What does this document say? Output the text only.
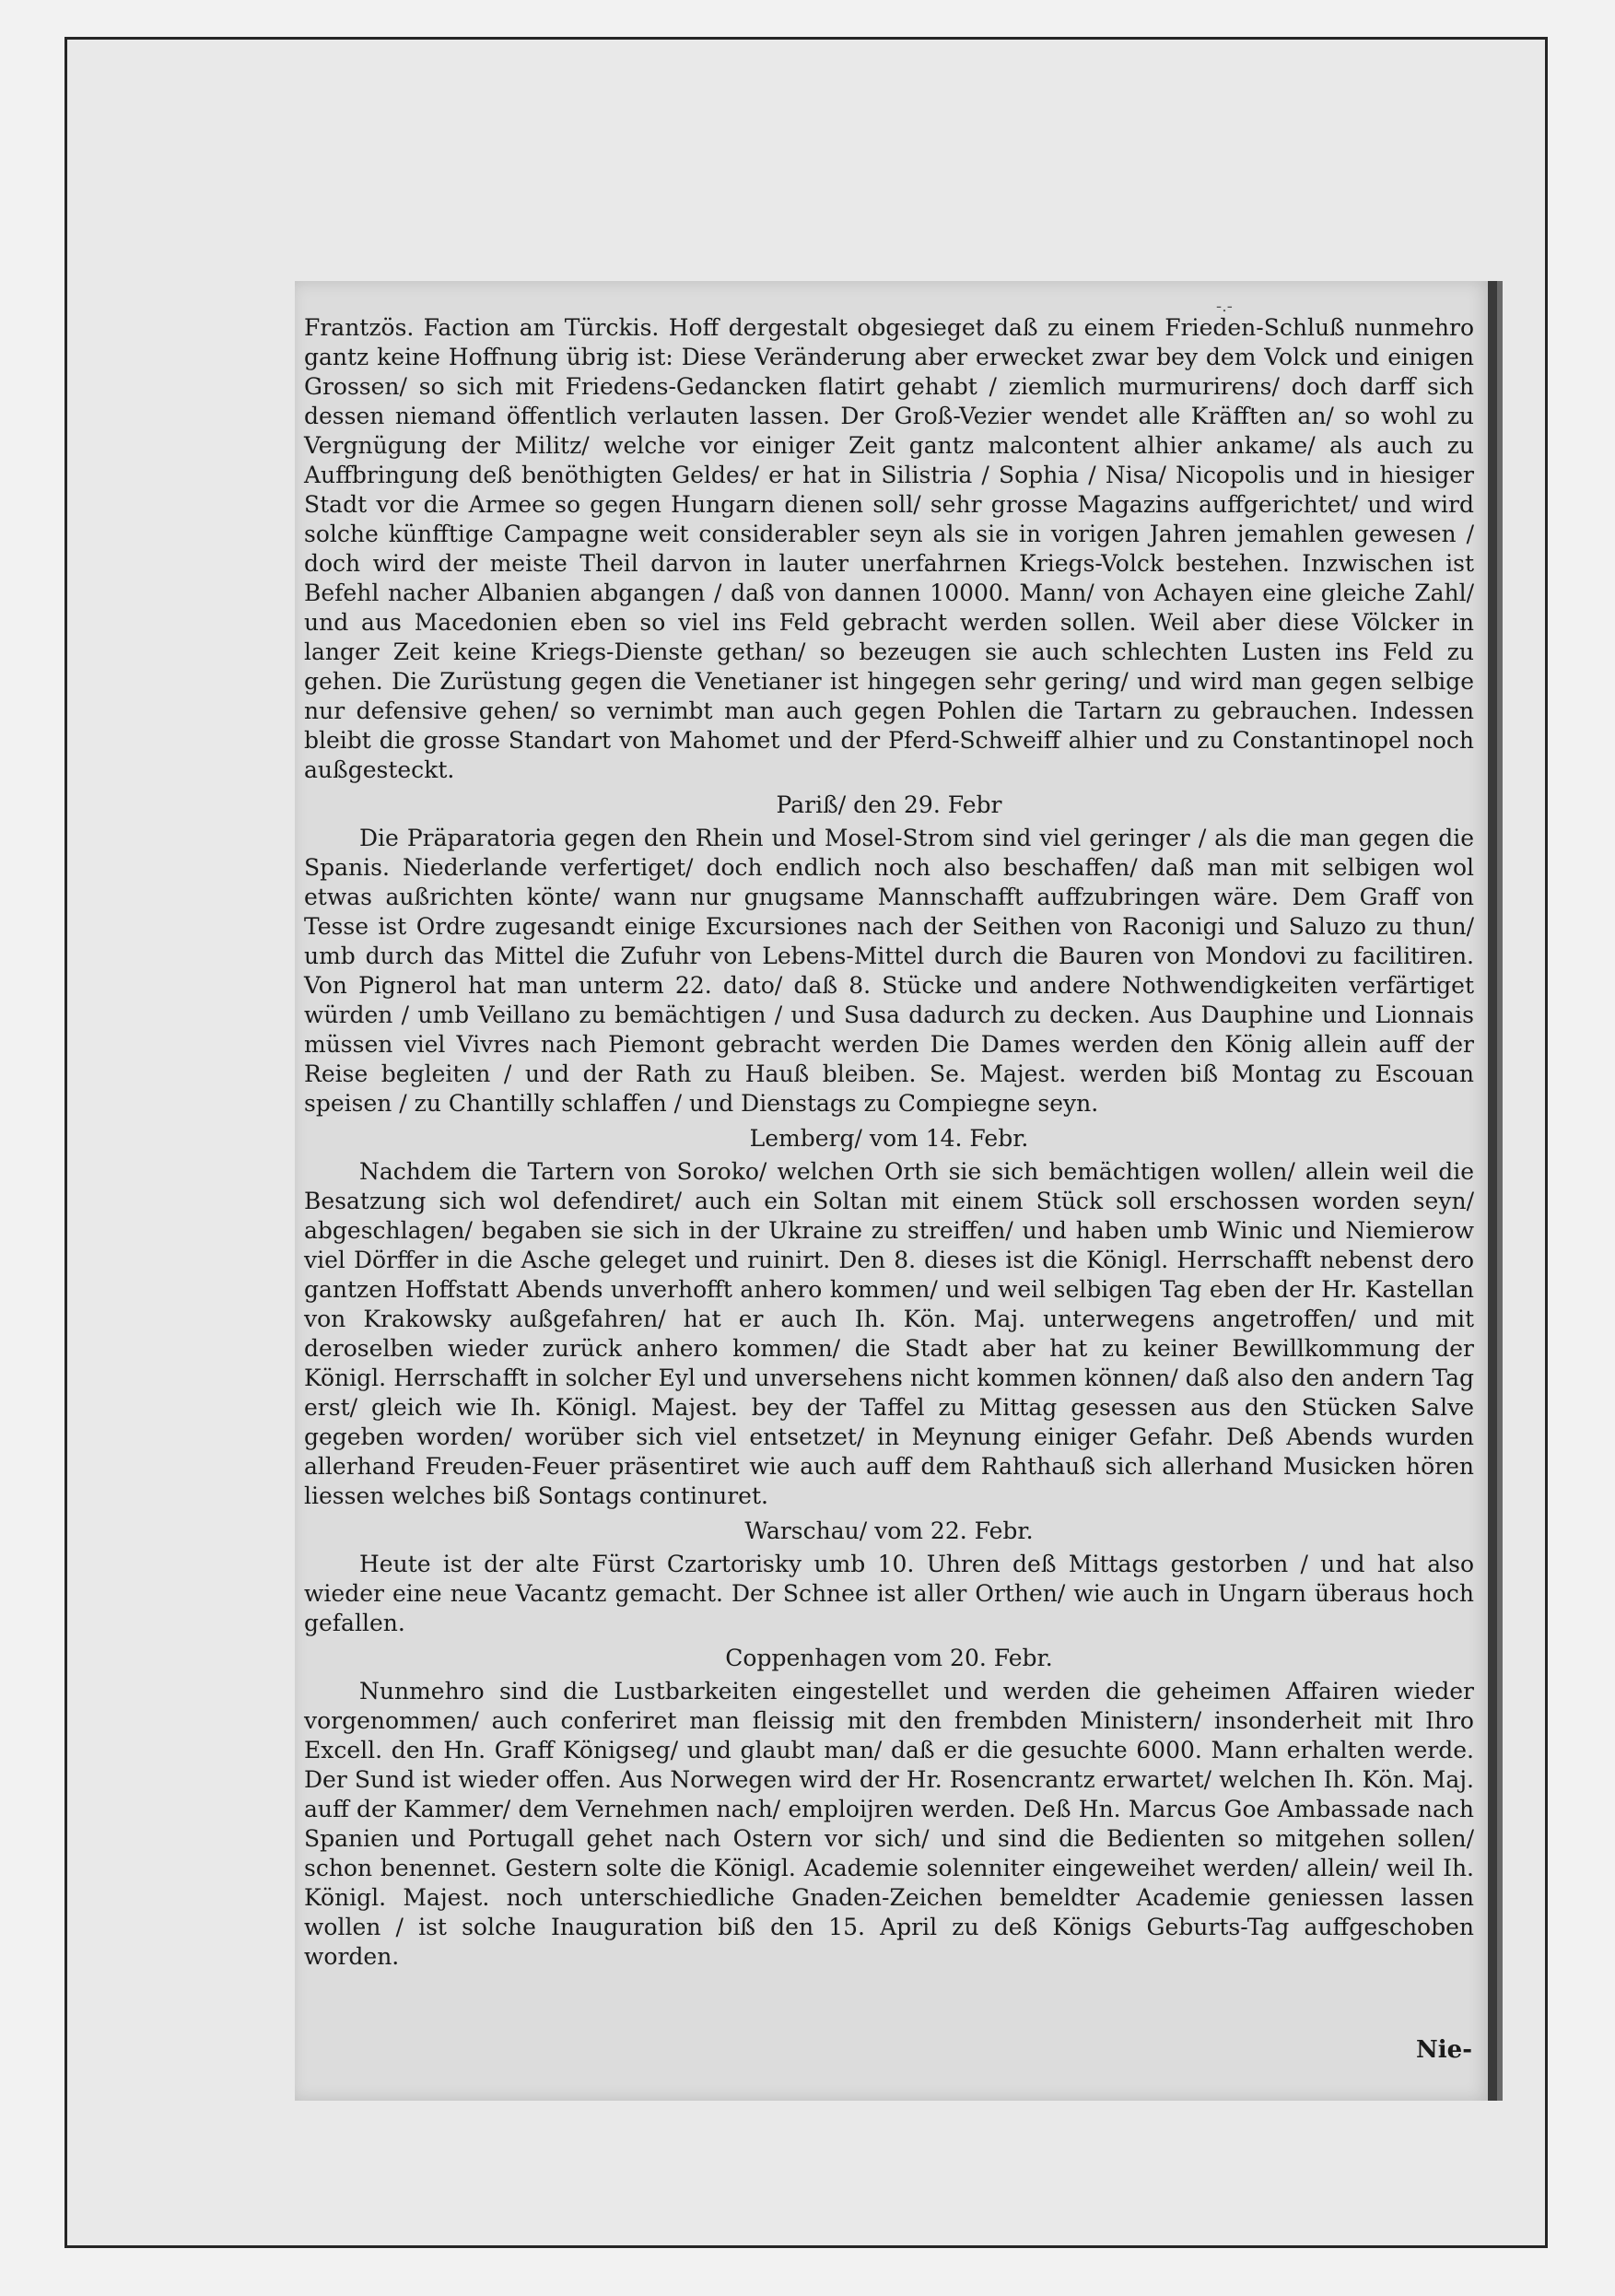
-.-

Frantzös. Faction am Türckis. Hoff dergestalt obgesieget daß zu einem Frieden-Schluß nunmehro gantz keine Hoffnung übrig ist: Diese Veränderung aber erwecket zwar bey dem Volck und einigen Grossen/ so sich mit Friedens-Gedancken flatirt gehabt / ziemlich murmurirens/ doch darff sich dessen niemand öffentlich verlauten lassen. Der Groß-Vezier wendet alle Kräfften an/ so wohl zu Vergnügung der Militz/ welche vor einiger Zeit gantz malcontent alhier ankame/ als auch zu Auffbringung deß benöthigten Geldes/ er hat in Silistria / Sophia / Nisa/ Nicopolis und in hiesiger Stadt vor die Armee so gegen Hungarn dienen soll/ sehr grosse Magazins auffgerichtet/ und wird solche künfftige Campagne weit considerabler seyn als sie in vorigen Jahren jemahlen gewesen / doch wird der meiste Theil darvon in lauter unerfahrnen Kriegs-Volck bestehen. Inzwischen ist Befehl nacher Albanien abgangen / daß von dannen 10000. Mann/ von Achayen eine gleiche Zahl/ und aus Macedonien eben so viel ins Feld gebracht werden sollen. Weil aber diese Völcker in langer Zeit keine Kriegs-Dienste gethan/ so bezeugen sie auch schlechten Lusten ins Feld zu gehen. Die Zurüstung gegen die Venetianer ist hingegen sehr gering/ und wird man gegen selbige nur defensive gehen/ so vernimbt man auch gegen Pohlen die Tartarn zu gebrauchen. Indessen bleibt die grosse Standart von Mahomet und der Pferd-Schweiff alhier und zu Constantinopel noch außgesteckt.

Pariß/ den 29. Febr

Die Präparatoria gegen den Rhein und Mosel-Strom sind viel geringer / als die man gegen die Spanis. Niederlande verfertiget/ doch endlich noch also beschaffen/ daß man mit selbigen wol etwas außrichten könte/ wann nur gnugsame Mannschafft auffzubringen wäre. Dem Graff von Tesse ist Ordre zugesandt einige Excursiones nach der Seithen von Raconigi und Saluzo zu thun/ umb durch das Mittel die Zufuhr von Lebens-Mittel durch die Bauren von Mondovi zu facilitiren. Von Pignerol hat man unterm 22. dato/ daß 8. Stücke und andere Nothwendigkeiten verfärtiget würden / umb Veillano zu bemächtigen / und Susa dadurch zu decken. Aus Dauphine und Lionnais müssen viel Vivres nach Piemont gebracht werden Die Dames werden den König allein auff der Reise begleiten / und der Rath zu Hauß bleiben. Se. Majest. werden biß Montag zu Escouan speisen / zu Chantilly schlaffen / und Dienstags zu Compiegne seyn.

Lemberg/ vom 14. Febr.

Nachdem die Tartern von Soroko/ welchen Orth sie sich bemächtigen wollen/ allein weil die Besatzung sich wol defendiret/ auch ein Soltan mit einem Stück soll erschossen worden seyn/ abgeschlagen/ begaben sie sich in der Ukraine zu streiffen/ und haben umb Winic und Niemierow viel Dörffer in die Asche geleget und ruinirt. Den 8. dieses ist die Königl. Herrschafft nebenst dero gantzen Hoffstatt Abends unverhofft anhero kommen/ und weil selbigen Tag eben der Hr. Kastellan von Krakowsky außgefahren/ hat er auch Ih. Kön. Maj. unterwegens angetroffen/ und mit deroselben wieder zurück anhero kommen/ die Stadt aber hat zu keiner Bewillkommung der Königl. Herrschafft in solcher Eyl und unversehens nicht kommen können/ daß also den andern Tag erst/ gleich wie Ih. Königl. Majest. bey der Taffel zu Mittag gesessen aus den Stücken Salve gegeben worden/ worüber sich viel entsetzet/ in Meynung einiger Gefahr. Deß Abends wurden allerhand Freuden-Feuer präsentiret wie auch auff dem Rahthauß sich allerhand Musicken hören liessen welches biß Sontags continuret.

Warschau/ vom 22. Febr.

Heute ist der alte Fürst Czartorisky umb 10. Uhren deß Mittags gestorben / und hat also wieder eine neue Vacantz gemacht. Der Schnee ist aller Orthen/ wie auch in Ungarn überaus hoch gefallen.

Coppenhagen vom 20. Febr.

Nunmehro sind die Lustbarkeiten eingestellet und werden die geheimen Affairen wieder vorgenommen/ auch conferiret man fleissig mit den frembden Ministern/ insonderheit mit Ihro Excell. den Hn. Graff Königseg/ und glaubt man/ daß er die gesuchte 6000. Mann erhalten werde. Der Sund ist wieder offen. Aus Norwegen wird der Hr. Rosencrantz erwartet/ welchen Ih. Kön. Maj. auff der Kammer/ dem Vernehmen nach/ emploijren werden. Deß Hn. Marcus Goe Ambassade nach Spanien und Portugall gehet nach Ostern vor sich/ und sind die Bedienten so mitgehen sollen/ schon benennet. Gestern solte die Königl. Academie solenniter eingeweihet werden/ allein/ weil Ih. Königl. Majest. noch unterschiedliche Gnaden-Zeichen bemeldter Academie geniessen lassen wollen / ist solche Inauguration biß den 15. April zu deß Königs Geburts-Tag auffgeschoben worden.

Nie-
